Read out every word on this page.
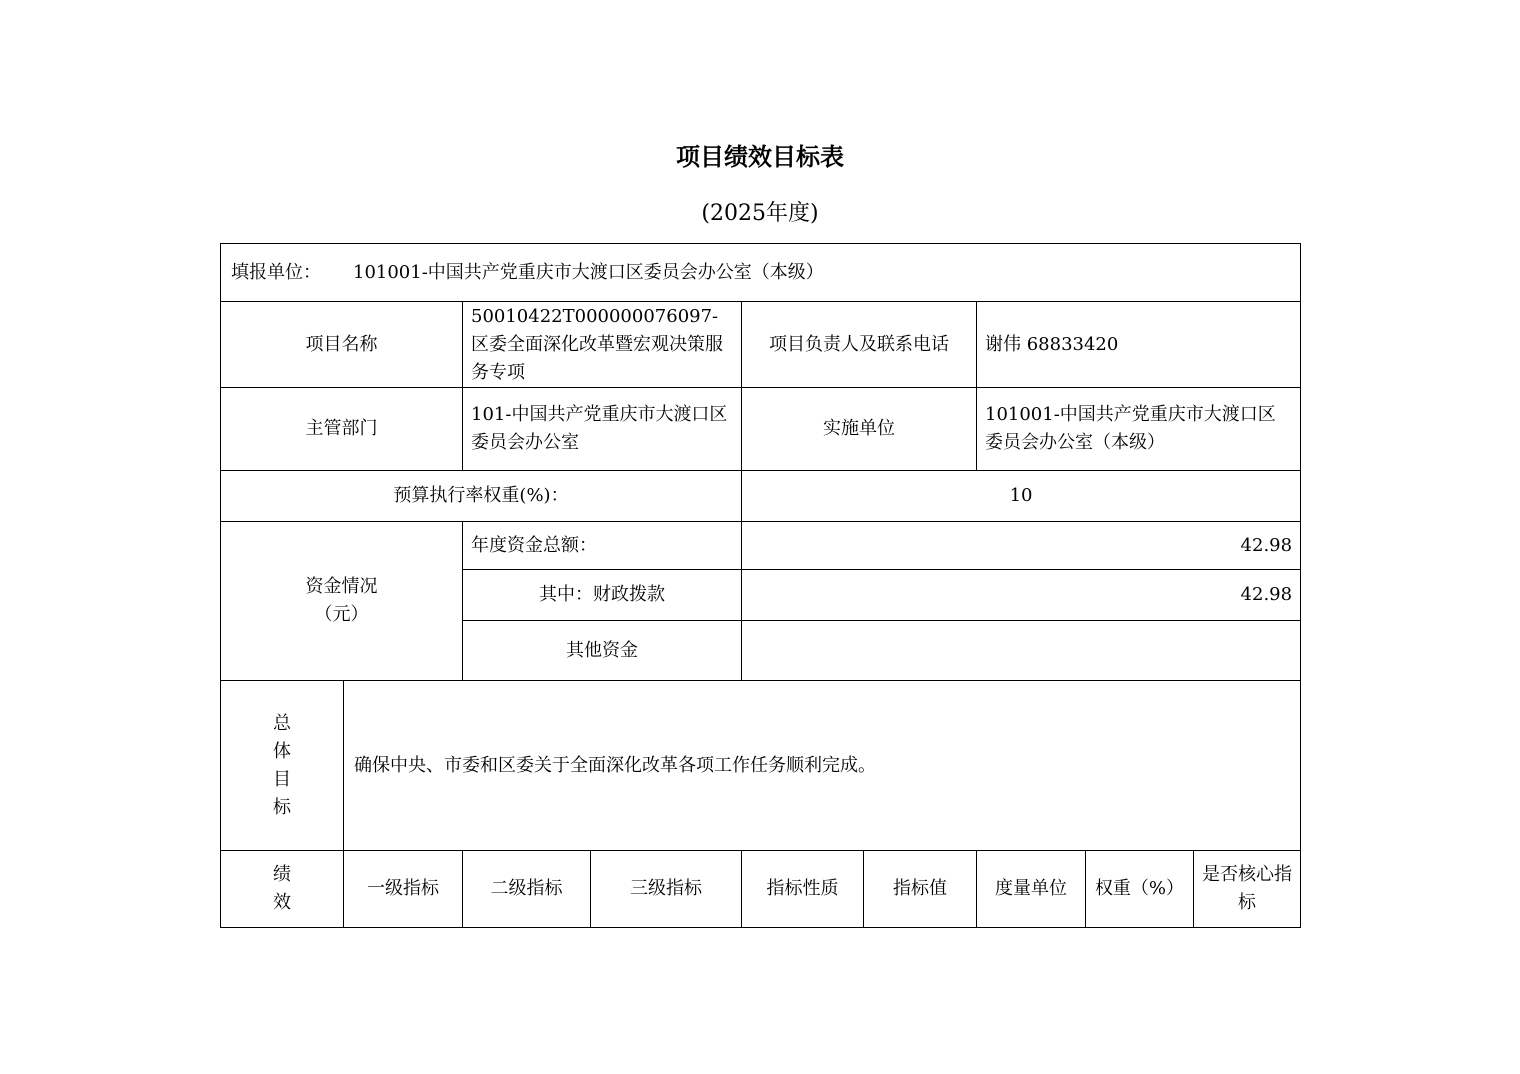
项目绩效目标表
(2025年度)
填报单位： 101001-中国共产党重庆市大渡口区委员会办公室（本级）								
项目名称		50010422T000000076097-区委全面深化改革暨宏观决策服务专项		项目负责人及联系电话		谢伟 68833420		
主管部门		101-中国共产党重庆市大渡口区委员会办公室		实施单位		101001-中国共产党重庆市大渡口区委员会办公室（本级）		
预算执行率权重(%)：				10				

资金情况
（元）		年度资金总额：		42.98				
		其中：财政拨款		42.98				
		其他资金						
总体目标	确保中央、市委和区委关于全面深化改革各项工作任务顺利完成。							
绩效	一级指标	二级指标	三级指标	指标性质	指标值	度量单位	权重（%）	是否核心指标
